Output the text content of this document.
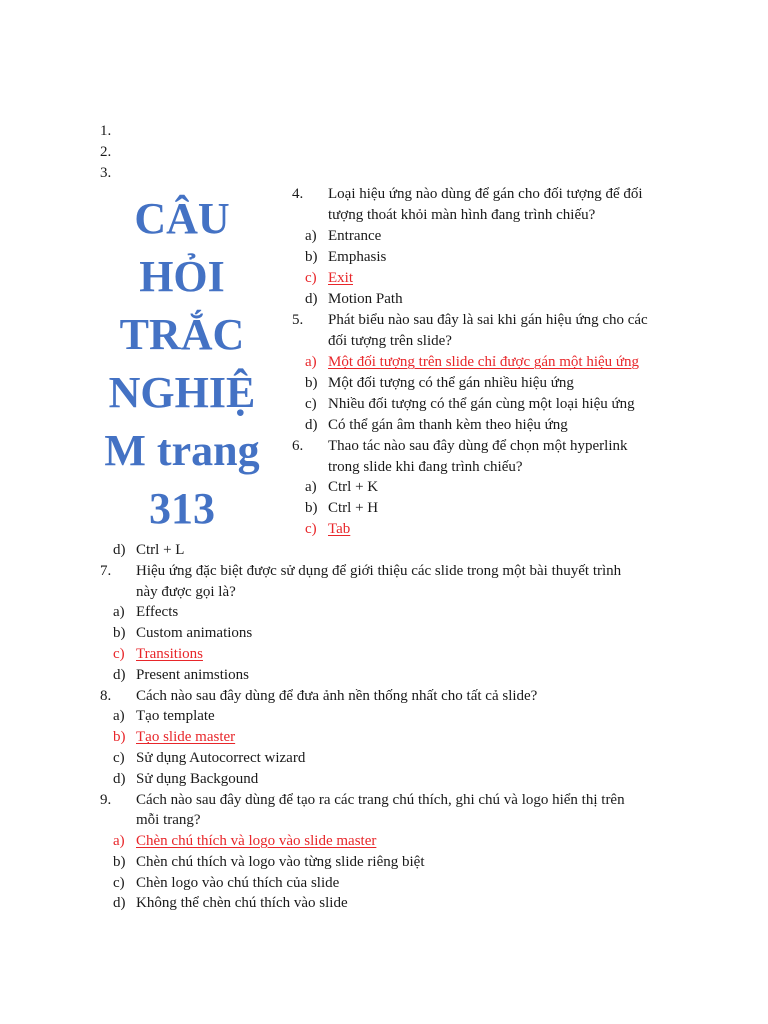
1.
2.
3.
CÂU
HỎI
TRẮC
NGHIỆ
M trang
313
4. Loại hiệu ứng nào dùng để gán cho đối tượng để đối
tượng thoát khỏi màn hình đang trình chiếu?
a) Entrance
b) Emphasis
c) Exit
d) Motion Path
5. Phát biểu nào sau đây là sai khi gán hiệu ứng cho các
đối tượng trên slide?
a) Một đối tượng trên slide chỉ được gán một hiệu ứng
b) Một đối tượng có thể gán nhiều hiệu ứng
c) Nhiều đối tượng có thể gán cùng một loại hiệu ứng
d) Có thể gán âm thanh kèm theo hiệu ứng
6. Thao tác nào sau đây dùng để chọn một hyperlink
trong slide khi đang trình chiếu?
a) Ctrl + K
b) Ctrl + H
c) Tab
d) Ctrl + L
7. Hiệu ứng đặc biệt được sử dụng để giới thiệu các slide trong một bài thuyết trình
này được gọi là?
a) Effects
b) Custom animations
c) Transitions
d) Present animstions
8. Cách nào sau đây dùng để đưa ảnh nền thống nhất cho tất cả slide?
a) Tạo template
b) Tạo slide master
c) Sử dụng Autocorrect wizard
d) Sử dụng Backgound
9. Cách nào sau đây dùng để tạo ra các trang chú thích, ghi chú và logo hiển thị trên
mỗi trang?
a) Chèn chú thích và logo vào slide master
b) Chèn chú thích và logo vào từng slide riêng biệt
c) Chèn logo vào chú thích của slide
d) Không thể chèn chú thích vào slide
